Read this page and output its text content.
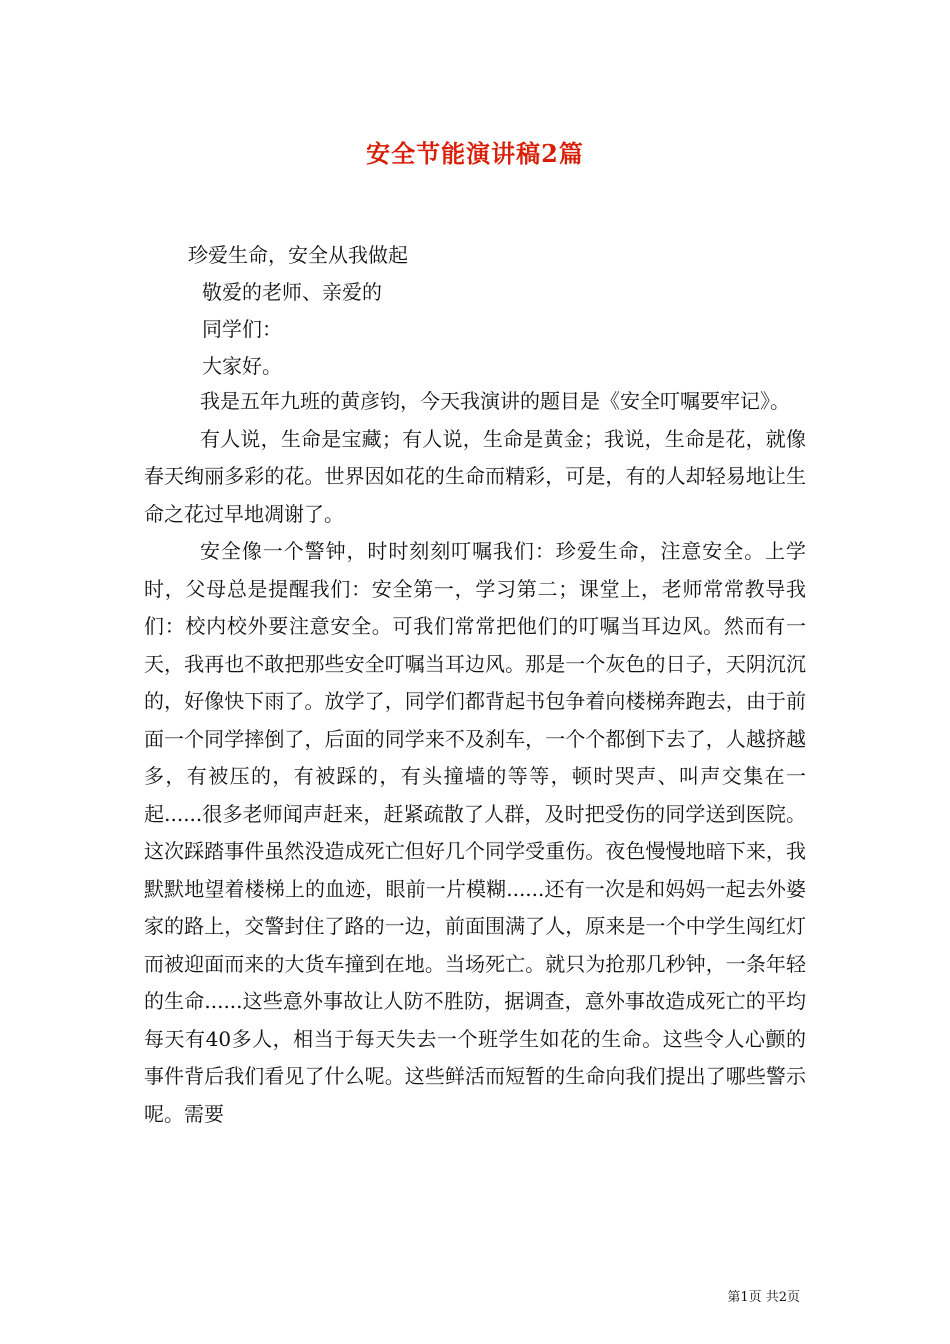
安全节能演讲稿2篇
珍爱生命，安全从我做起
敬爱的老师、亲爱的
同学们：
大家好。

我是五年九班的黄彦钧，今天我演讲的题目是《安全叮嘱要牢记》。

有人说，生命是宝藏；有人说，生命是黄金；我说，生命是花，就像春天绚丽多彩的花。世界因如花的生命而精彩，可是，有的人却轻易地让生命之花过早地凋谢了。

安全像一个警钟，时时刻刻叮嘱我们：珍爱生命，注意安全。上学时，父母总是提醒我们：安全第一，学习第二；课堂上，老师常常教导我们：校内校外要注意安全。可我们常常把他们的叮嘱当耳边风。然而有一天，我再也不敢把那些安全叮嘱当耳边风。那是一个灰色的日子，天阴沉沉的，好像快下雨了。放学了，同学们都背起书包争着向楼梯奔跑去，由于前面一个同学摔倒了，后面的同学来不及刹车，一个个都倒下去了，人越挤越多，有被压的，有被踩的，有头撞墙的等等，顿时哭声、叫声交集在一起......很多老师闻声赶来，赶紧疏散了人群，及时把受伤的同学送到医院。这次踩踏事件虽然没造成死亡但好几个同学受重伤。夜色慢慢地暗下来，我默默地望着楼梯上的血迹，眼前一片模糊......还有一次是和妈妈一起去外婆家的路上，交警封住了路的一边，前面围满了人，原来是一个中学生闯红灯而被迎面而来的大货车撞到在地。当场死亡。就只为抢那几秒钟，一条年轻的生命......这些意外事故让人防不胜防，据调查，意外事故造成死亡的平均每天有40多人，相当于每天失去一个班学生如花的生命。这些令人心颤的事件背后我们看见了什么呢。这些鲜活而短暂的生命向我们提出了哪些警示呢。需要

第1页 共2页
